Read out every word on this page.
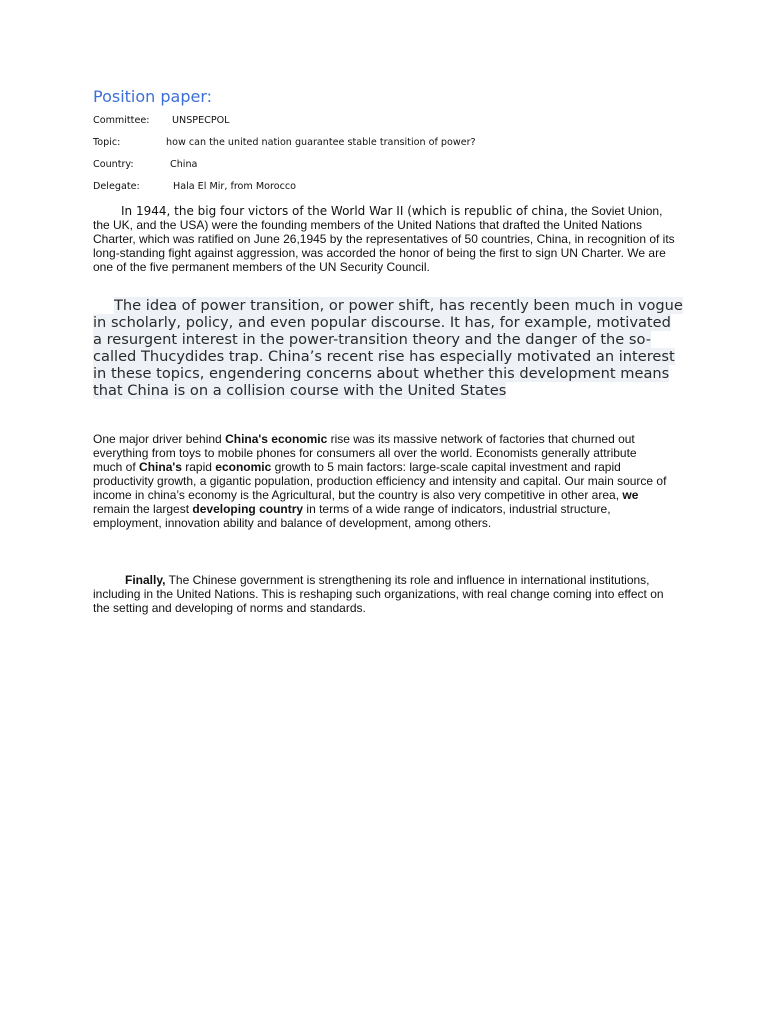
Position paper:
Committee: UNSPECPOL
Topic:	how can the united nation guarantee stable transition of power?
Country:	China
Delegate:	Hala El Mir, from Morocco
In 1944, the big four victors of the World War II (which is republic of china, the Soviet Union, the UK, and the USA) were the founding members of the United Nations that drafted the United Nations Charter, which was ratified on June 26,1945 by the representatives of 50 countries, China, in recognition of its long-standing fight against aggression, was accorded the honor of being the first to sign UN Charter. We are one of the five permanent members of the UN Security Council.
The idea of power transition, or power shift, has recently been much in vogue in scholarly, policy, and even popular discourse. It has, for example, motivated a resurgent interest in the power-transition theory and the danger of the so-called Thucydides trap. China’s recent rise has especially motivated an interest in these topics, engendering concerns about whether this development means that China is on a collision course with the United States
One major driver behind China's economic rise was its massive network of factories that churned out everything from toys to mobile phones for consumers all over the world. Economists generally attribute much of China's rapid economic growth to 5 main factors: large-scale capital investment and rapid productivity growth, a gigantic population, production efficiency and intensity and capital. Our main source of income in china’s economy is the Agricultural, but the country is also very competitive in other area, we remain the largest developing country in terms of a wide range of indicators, industrial structure, employment, innovation ability and balance of development, among others.
Finally, The Chinese government is strengthening its role and influence in international institutions, including in the United Nations. This is reshaping such organizations, with real change coming into effect on the setting and developing of norms and standards.
